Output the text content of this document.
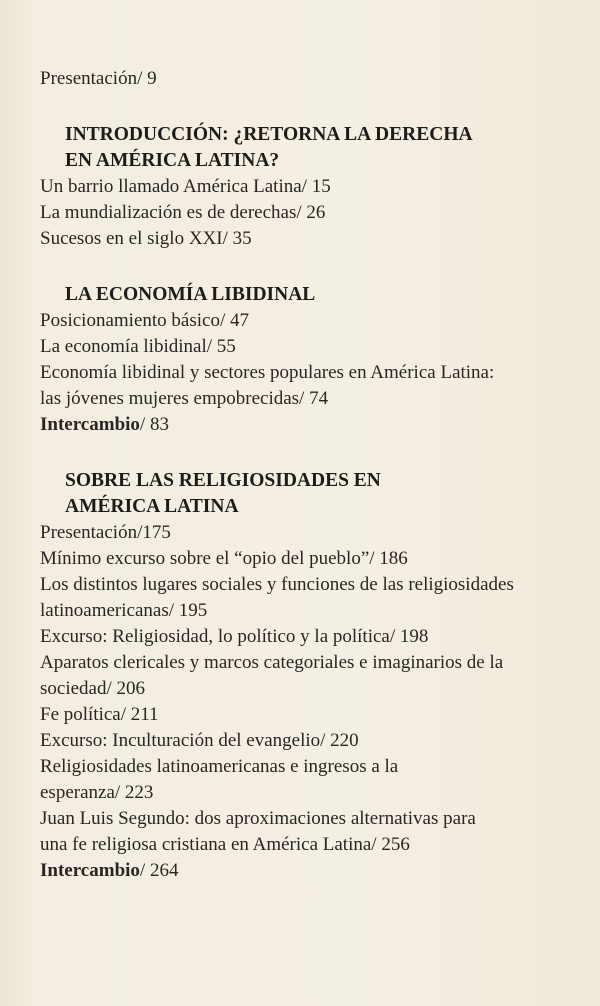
Presentación/ 9
INTRODUCCIÓN: ¿RETORNA LA DERECHA
EN AMÉRICA LATINA?
Un barrio llamado América Latina/ 15
La mundialización es de derechas/ 26
Sucesos en el siglo XXI/ 35
LA ECONOMÍA LIBIDINAL
Posicionamiento básico/ 47
La economía libidinal/ 55
Economía libidinal y sectores populares en América Latina:
las jóvenes mujeres empobrecidas/ 74
Intercambio/ 83
SOBRE LAS RELIGIOSIDADES EN
AMÉRICA LATINA
Presentación/175
Mínimo excurso sobre el “opio del pueblo”/ 186
Los distintos lugares sociales y funciones de las religiosidades
latinoamericanas/ 195
Excurso: Religiosidad, lo político y la política/ 198
Aparatos clericales y marcos categoriales e imaginarios de la
sociedad/ 206
Fe política/ 211
Excurso: Inculturación del evangelio/ 220
Religiosidades latinoamericanas e ingresos a la
esperanza/ 223
Juan Luis Segundo: dos aproximaciones alternativas para
una fe religiosa cristiana en América Latina/ 256
Intercambio/ 264
